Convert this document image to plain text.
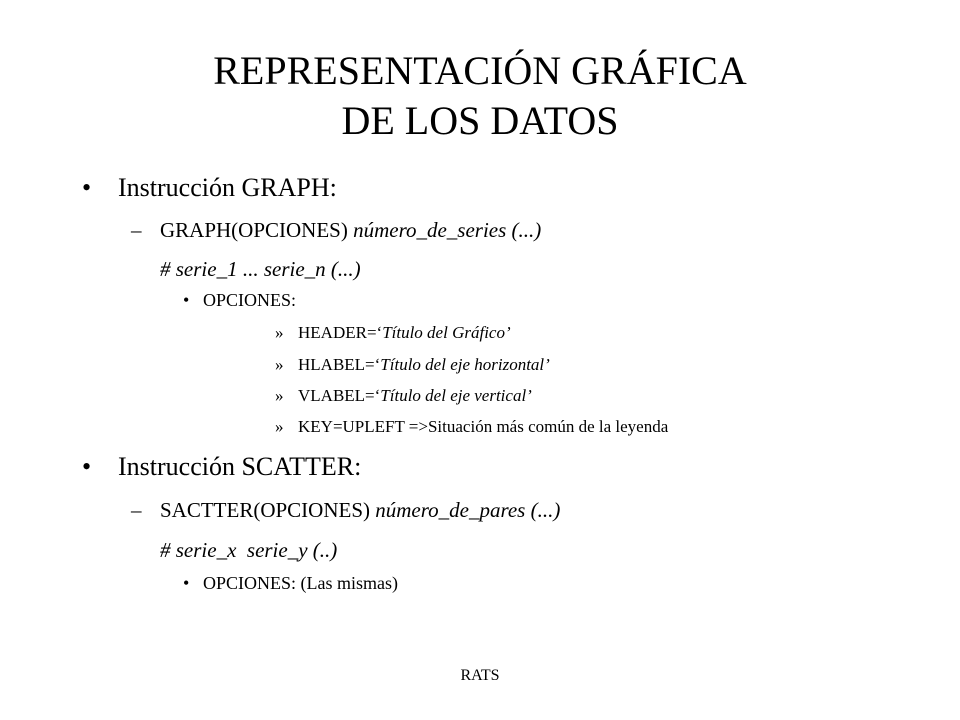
REPRESENTACIÓN GRÁFICA
DE LOS DATOS
• Instrucción GRAPH:
– GRAPH(OPCIONES) número_de_series (...)
# serie_1 ... serie_n (...)
• OPCIONES:
» HEADER=‘Título del Gráfico’
» HLABEL=‘Título del eje horizontal’
» VLABEL=‘Título del eje vertical’
» KEY=UPLEFT =>Situación más común de la leyenda
• Instrucción SCATTER:
– SACTTER(OPCIONES) número_de_pares (...)
# serie_x  serie_y (..)
• OPCIONES: (Las mismas)
RATS
